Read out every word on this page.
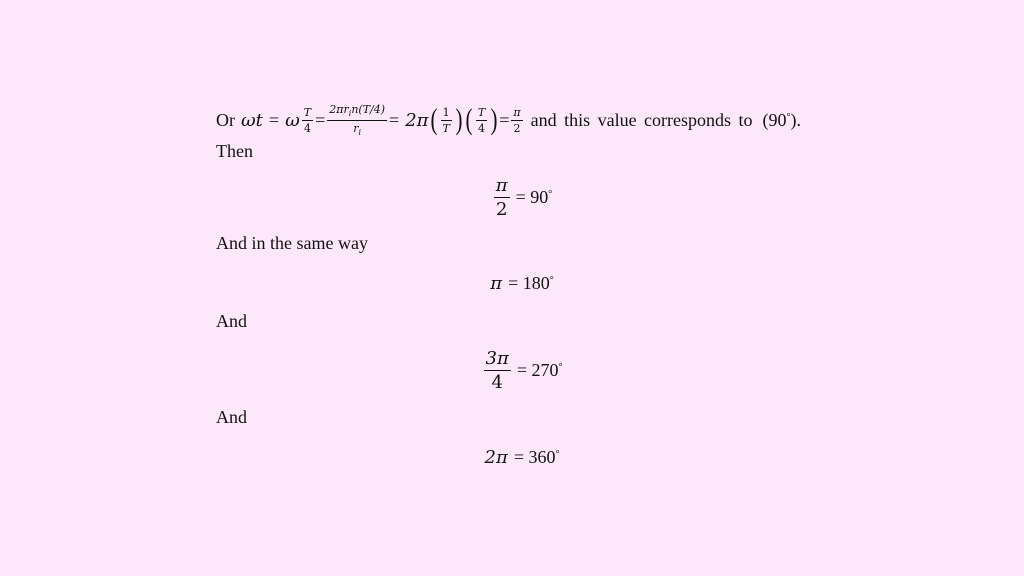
Or ωt = ω $\frac{T}{4} = \frac{2\pi r_in(T/4)}{r_i} = 2\pi$ ( $\frac{1}{T}$ ) ( $\frac{T}{4}$ ) = $\frac{\pi}{2}$ and this value corresponds to (90° ).
Then
$\frac{\pi}{2} = 90^\circ$
And in the same way
π = 180°
And
$\frac{3\pi}{4} = 270^\circ$
And
2π = 360°
